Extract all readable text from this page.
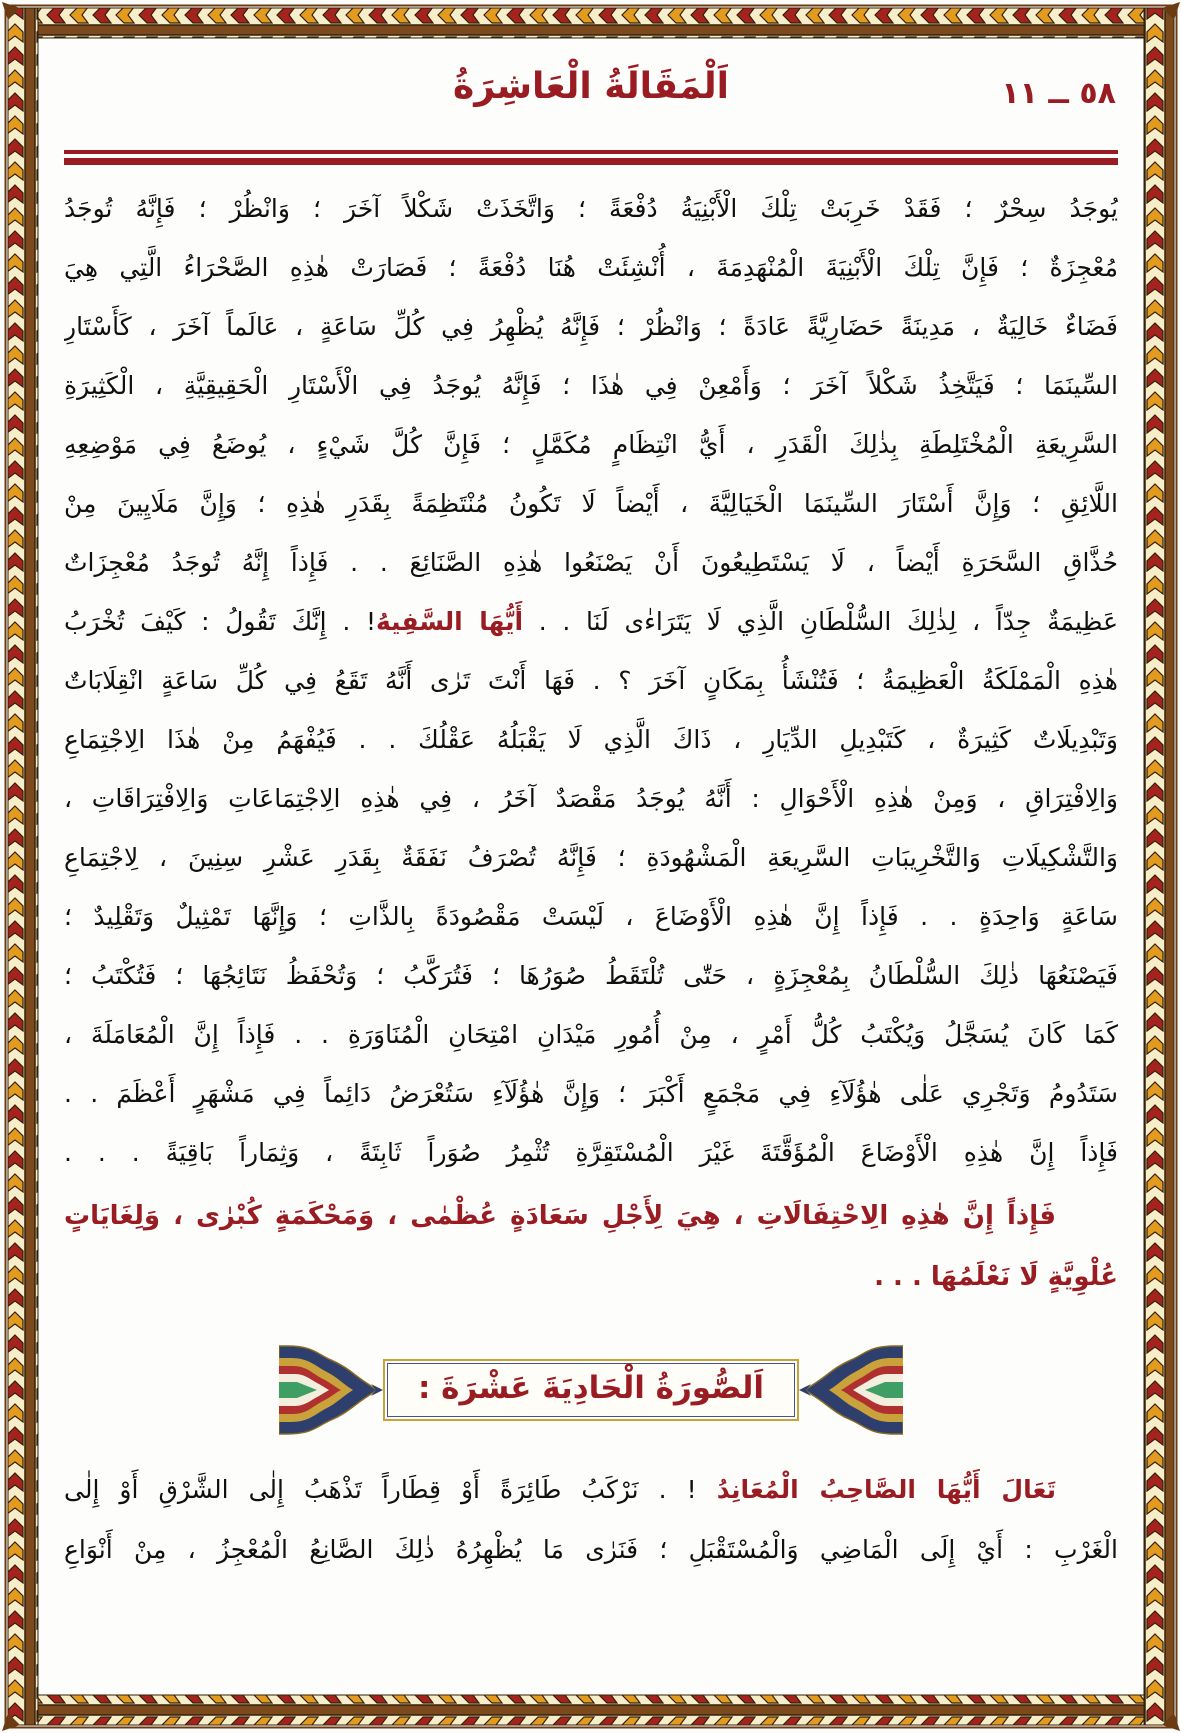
اَلْمَقَالَةُ الْعَاشِرَةُ	٥٨ ــ ١١
يُوجَدُ سِحْرٌ ؛ فَقَدْ خَرِبَتْ تِلْكَ الْأَبْنِيَةُ دُفْعَةً ؛ وَاتَّخَذَتْ شَكْلاً آخَرَ ؛ وَانْظُرْ ؛ فَإِنَّهُ تُوجَدُ
مُعْجِزَةٌ ؛ فَإِنَّ تِلْكَ الْأَبْنِيَةَ الْمُنْهَدِمَةَ ، أُنْشِئَتْ هُنَا دُفْعَةً ؛ فَصَارَتْ هٰذِهِ الصَّحْرَاءُ الَّتِي هِيَ
فَضَاءٌ خَالِيَةٌ ، مَدِينَةً حَضَارِيَّةً عَادَةً ؛ وَانْظُرْ ؛ فَإِنَّهُ يُظْهِرُ فِي كُلِّ سَاعَةٍ ، عَالَماً آخَرَ ، كَأَسْتَارِ
السِّينَمَا ؛ فَيَتَّخِذُ شَكْلاً آخَرَ ؛ وَأَمْعِنْ فِي هٰذَا ؛ فَإِنَّهُ يُوجَدُ فِي الْأَسْتَارِ الْحَقِيقِيَّةِ ، الْكَثِيرَةِ
السَّرِيعَةِ الْمُخْتَلِطَةِ بِذٰلِكَ الْقَدَرِ ، أَيُّ انْتِظَامٍ مُكَمَّلٍ ؛ فَإِنَّ كُلَّ شَيْءٍ ، يُوضَعُ فِي مَوْضِعِهِ
اللَّائِقِ ؛ وَإِنَّ أَسْتَارَ السِّينَمَا الْخَيَالِيَّةَ ، أَيْضاً لَا تَكُونُ مُنْتَظِمَةً بِقَدَرِ هٰذِهِ ؛ وَإِنَّ مَلَايِينَ مِنْ
حُذَّاقِ السَّحَرَةِ أَيْضاً ، لَا يَسْتَطِيعُونَ أَنْ يَصْنَعُوا هٰذِهِ الصَّنَائِعَ . . فَإِذاً إِنَّهُ تُوجَدُ مُعْجِزَاتٌ
عَظِيمَةٌ جِدّاً ، لِذٰلِكَ السُّلْطَانِ الَّذِي لَا يَتَرَاءٰى لَنَا . . أَيُّهَا السَّفِيهُ! . إِنَّكَ تَقُولُ : كَيْفَ تُخْرَبُ
هٰذِهِ الْمَمْلَكَةُ الْعَظِيمَةُ ؛ فَتُنْشَأُ بِمَكَانٍ آخَرَ ؟ . فَهَا أَنْتَ تَرٰى أَنَّهُ تَقَعُ فِي كُلِّ سَاعَةٍ انْقِلَابَاتٌ
وَتَبْدِيلَاتٌ كَثِيرَةٌ ، كَتَبْدِيلِ الدِّيَارِ ، ذَاكَ الَّذِي لَا يَقْبَلُهُ عَقْلُكَ . . فَيُفْهَمُ مِنْ هٰذَا الِاجْتِمَاعِ
وَالِافْتِرَاقِ ، وَمِنْ هٰذِهِ الْأَحْوَالِ : أَنَّهُ يُوجَدُ مَقْصَدٌ آخَرُ ، فِي هٰذِهِ الِاجْتِمَاعَاتِ وَالِافْتِرَاقَاتِ ،
وَالتَّشْكِيلَاتِ وَالتَّخْرِيبَاتِ السَّرِيعَةِ الْمَشْهُودَةِ ؛ فَإِنَّهُ تُصْرَفُ نَفَقَةٌ بِقَدَرِ عَشْرِ سِنِينَ ، لِاجْتِمَاعِ
سَاعَةٍ وَاحِدَةٍ . . فَإِذاً إِنَّ هٰذِهِ الْأَوْضَاعَ ، لَيْسَتْ مَقْصُودَةً بِالذَّاتِ ؛ وَإِنَّهَا تَمْثِيلٌ وَتَقْلِيدٌ ؛
فَيَصْنَعُهَا ذٰلِكَ السُّلْطَانُ بِمُعْجِزَةٍ ، حَتّٰى تُلْتَقَطُ صُوَرُهَا ؛ فَتُرَكَّبُ ؛ وَتُحْفَظُ نَتَائِجُهَا ؛ فَتُكْتَبُ ؛
كَمَا كَانَ يُسَجَّلُ وَيُكْتَبُ كُلُّ أَمْرٍ ، مِنْ أُمُورِ مَيْدَانِ امْتِحَانِ الْمُنَاوَرَةِ . . فَإِذاً إِنَّ الْمُعَامَلَةَ ،
سَتَدُومُ وَتَجْرِي عَلٰى هٰؤُلَآءِ فِي مَجْمَعٍ أَكْبَرَ ؛ وَإِنَّ هٰؤُلَآءِ سَتُعْرَضُ دَائِماً فِي مَشْهَرٍ أَعْظَمَ . .
فَإِذاً إِنَّ هٰذِهِ الْأَوْضَاعَ الْمُؤَقَّتَةَ غَيْرَ الْمُسْتَقِرَّةِ تُثْمِرُ صُوَراً ثَابِتَةً ، وَثِمَاراً بَاقِيَةً . . .
فَإِذاً إِنَّ هٰذِهِ الِاحْتِفَالَاتِ ، هِيَ لِأَجْلِ سَعَادَةٍ عُظْمٰى ، وَمَحْكَمَةٍ كُبْرٰى ، وَلِغَايَاتٍ
عُلْوِيَّةٍ لَا نَعْلَمُهَا . . .
اَلصُّورَةُ الْحَادِيَةَ عَشْرَةَ :
تَعَالَ أَيُّهَا الصَّاحِبُ الْمُعَانِدُ ! . نَرْكَبُ طَائِرَةً أَوْ قِطَاراً تَذْهَبُ إِلٰى الشَّرْقِ أَوْ إِلٰى
الْغَرْبِ : أَيْ إِلَى الْمَاضِي وَالْمُسْتَقْبَلِ ؛ فَنَرٰى مَا يُظْهِرُهُ ذٰلِكَ الصَّانِعُ الْمُعْجِزُ ، مِنْ أَنْوَاعِ
